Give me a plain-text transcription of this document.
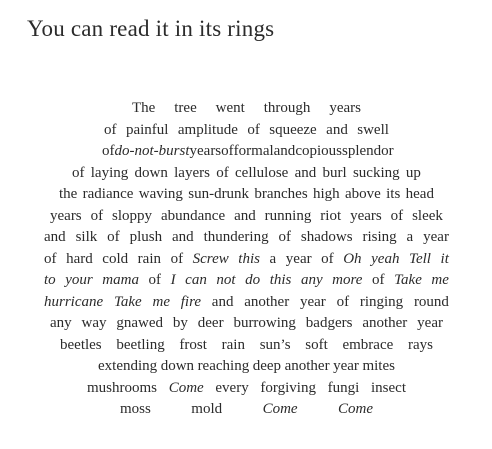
You can read it in its rings
The tree went through years
of painful amplitude of squeeze and swell
of do-not-burst years of formal and copious splendor
of laying down layers of cellulose and burl sucking up
the radiance waving sun-drunk branches high above its head
years of sloppy abundance and running riot years of sleek
and silk of plush and thundering of shadows rising a year
of hard cold rain of Screw this a year of Oh yeah Tell it
to your mama of I can not do this any more of Take me
hurricane Take me fire and another year of ringing round
any way gnawed by deer burrowing badgers another year
beetles beetling frost rain sun’s soft embrace rays
extending down reaching deep another year mites
mushrooms Come every forgiving fungi insect
moss	mold	Come	Come
